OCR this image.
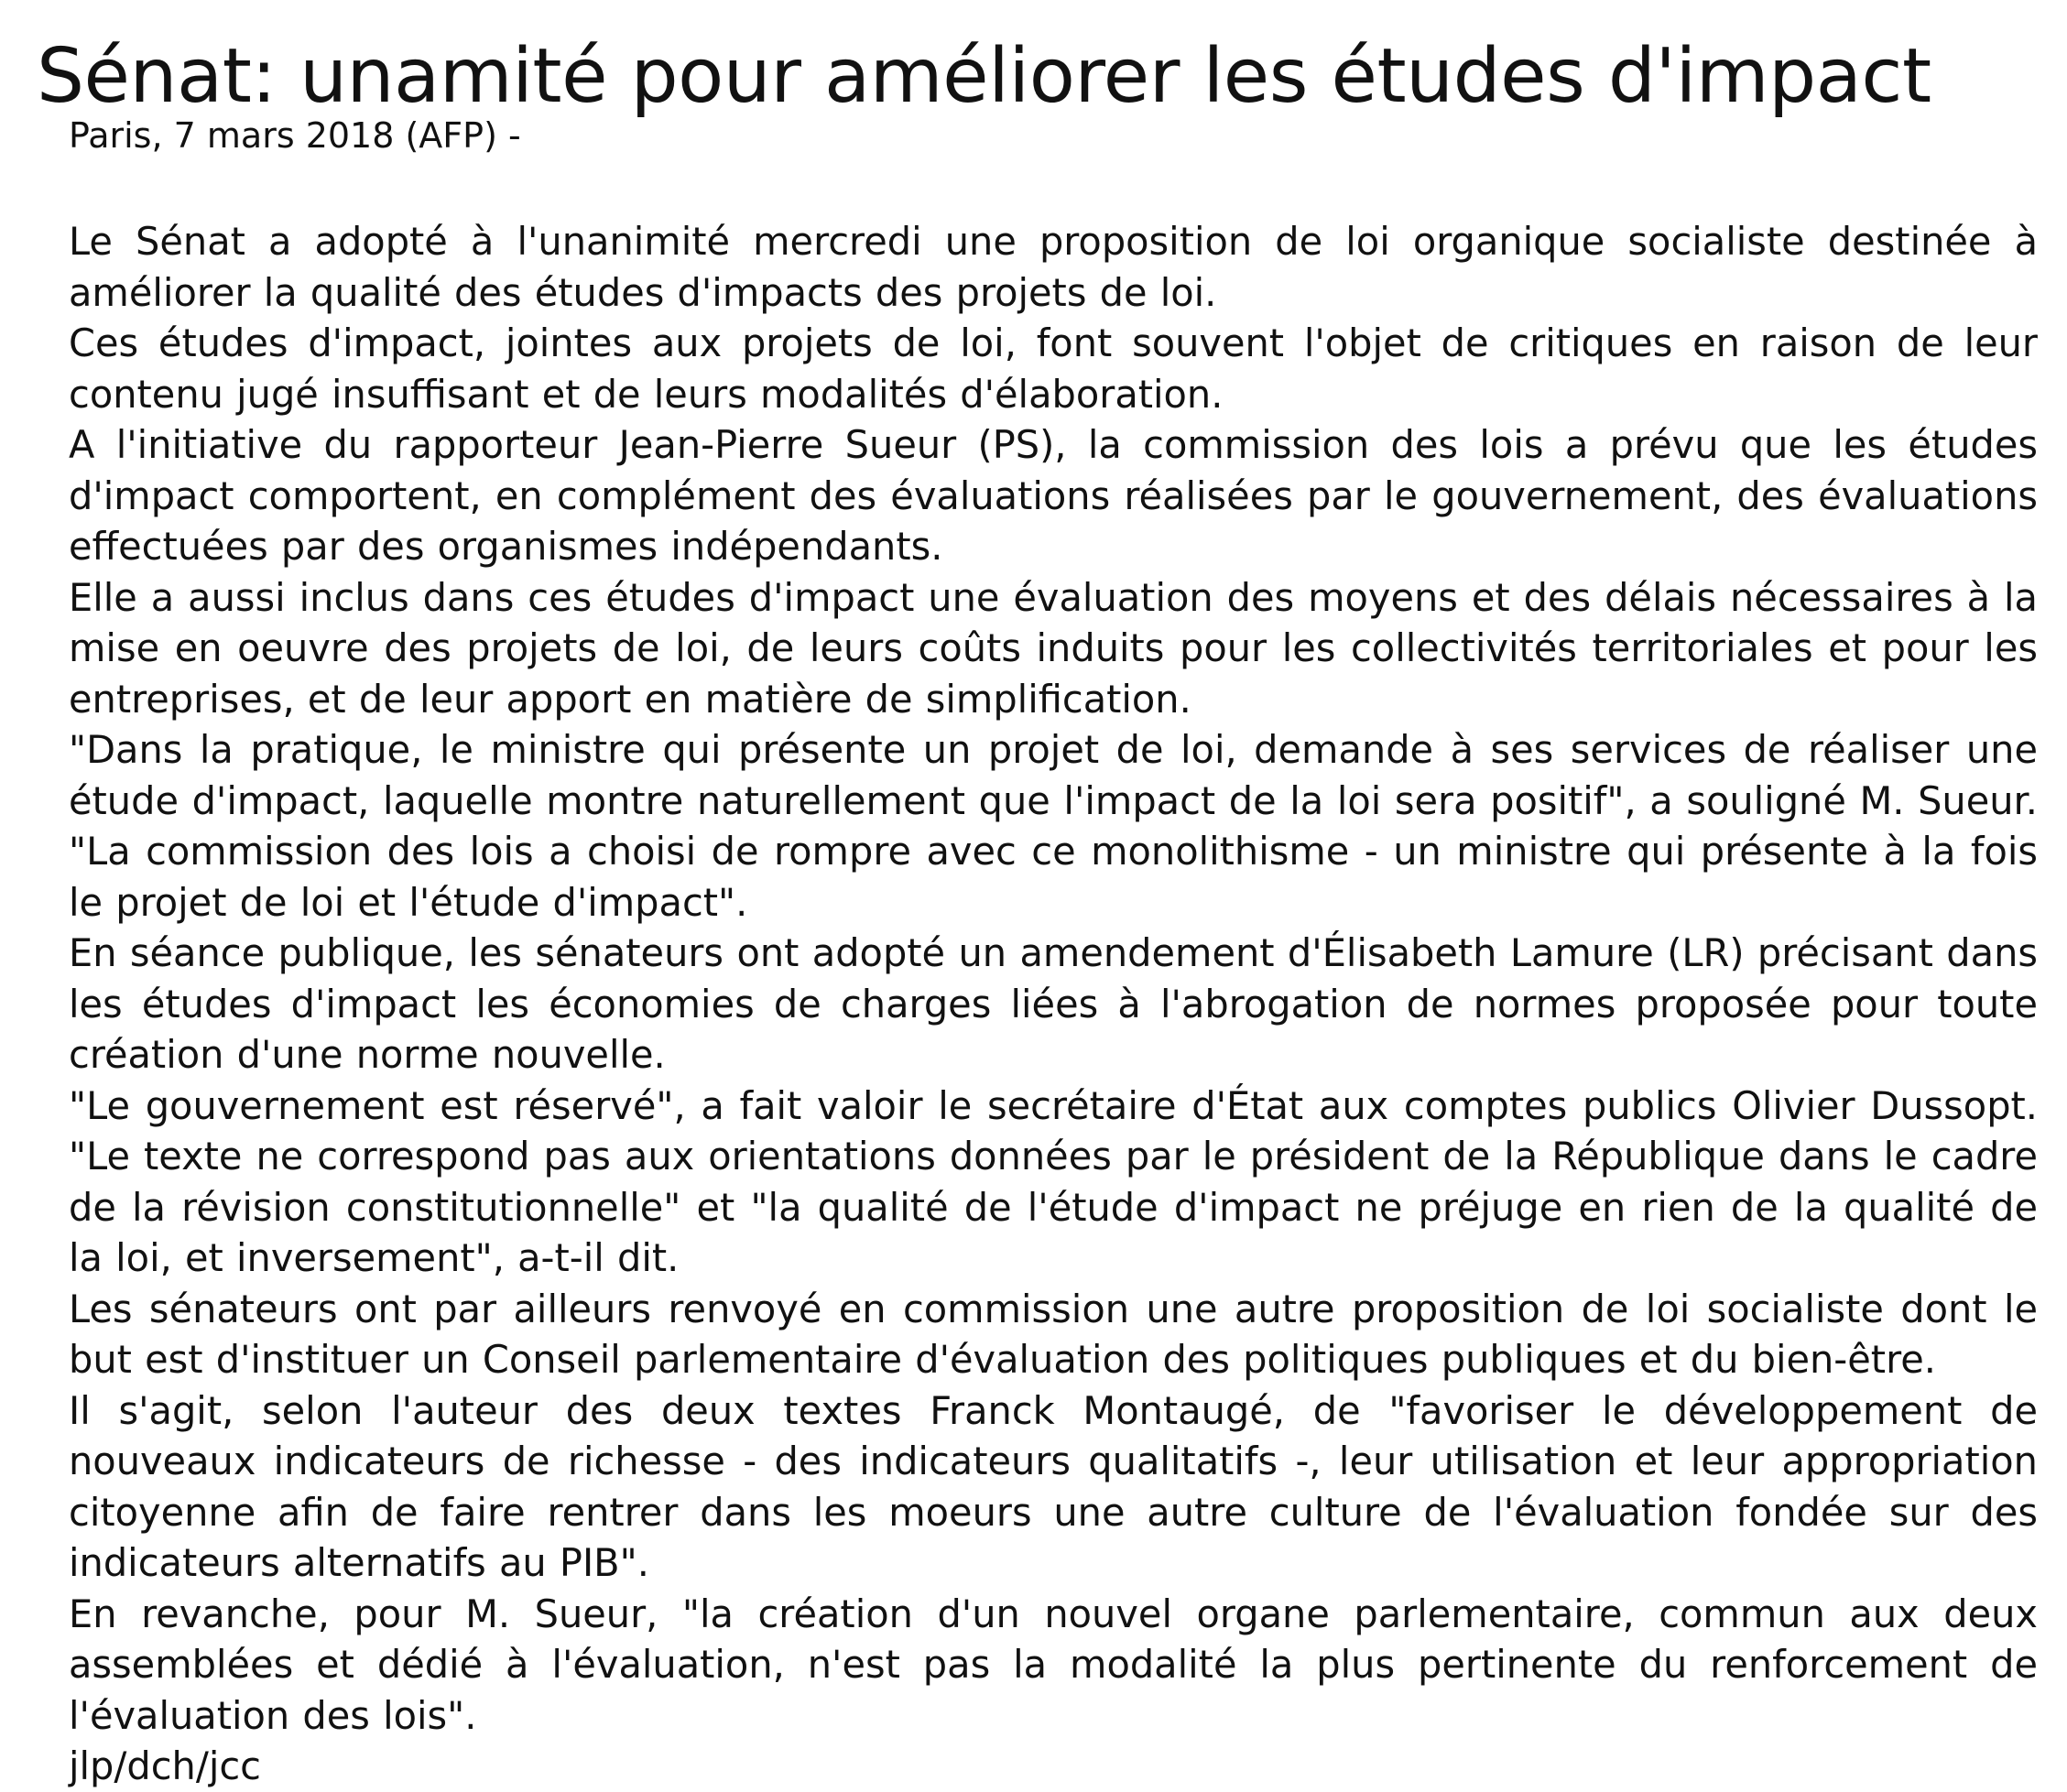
Sénat: unamité pour améliorer les études d'impact

Paris, 7 mars 2018 (AFP) -

Le Sénat a adopté à l'unanimité mercredi une proposition de loi organique socialiste destinée à améliorer la qualité des études d'impacts des projets de loi.

Ces études d'impact, jointes aux projets de loi, font souvent l'objet de critiques en raison de leur contenu jugé insuffisant et de leurs modalités d'élaboration.

A l'initiative du rapporteur Jean-Pierre Sueur (PS), la commission des lois a prévu que les études d'impact comportent, en complément des évaluations réalisées par le gouvernement, des évaluations effectuées par des organismes indépendants.

Elle a aussi inclus dans ces études d'impact une évaluation des moyens et des délais nécessaires à la mise en oeuvre des projets de loi, de leurs coûts induits pour les collectivités territoriales et pour les entreprises, et de leur apport en matière de simplification.

"Dans la pratique, le ministre qui présente un projet de loi, demande à ses services de réaliser une étude d'impact, laquelle montre naturellement que l'impact de la loi sera positif", a souligné M. Sueur. "La commission des lois a choisi de rompre avec ce monolithisme - un ministre qui présente à la fois le projet de loi et l'étude d'impact".

En séance publique, les sénateurs ont adopté un amendement d'Élisabeth Lamure (LR) précisant dans les études d'impact les économies de charges liées à l'abrogation de normes proposée pour toute création d'une norme nouvelle.

"Le gouvernement est réservé", a fait valoir le secrétaire d'État aux comptes publics Olivier Dussopt. "Le texte ne correspond pas aux orientations données par le président de la République dans le cadre de la révision constitutionnelle" et "la qualité de l'étude d'impact ne préjuge en rien de la qualité de la loi, et inversement", a-t-il dit.

Les sénateurs ont par ailleurs renvoyé en commission une autre proposition de loi socialiste dont le but est d'instituer un Conseil parlementaire d'évaluation des politiques publiques et du bien-être.

Il s'agit, selon l'auteur des deux textes Franck Montaugé, de "favoriser le développement de nouveaux indicateurs de richesse - des indicateurs qualitatifs -, leur utilisation et leur appropriation citoyenne afin de faire rentrer dans les moeurs une autre culture de l'évaluation fondée sur des indicateurs alternatifs au PIB".

En revanche, pour M. Sueur, "la création d'un nouvel organe parlementaire, commun aux deux assemblées et dédié à l'évaluation, n'est pas la modalité la plus pertinente du renforcement de l'évaluation des lois".

jlp/dch/jcc
